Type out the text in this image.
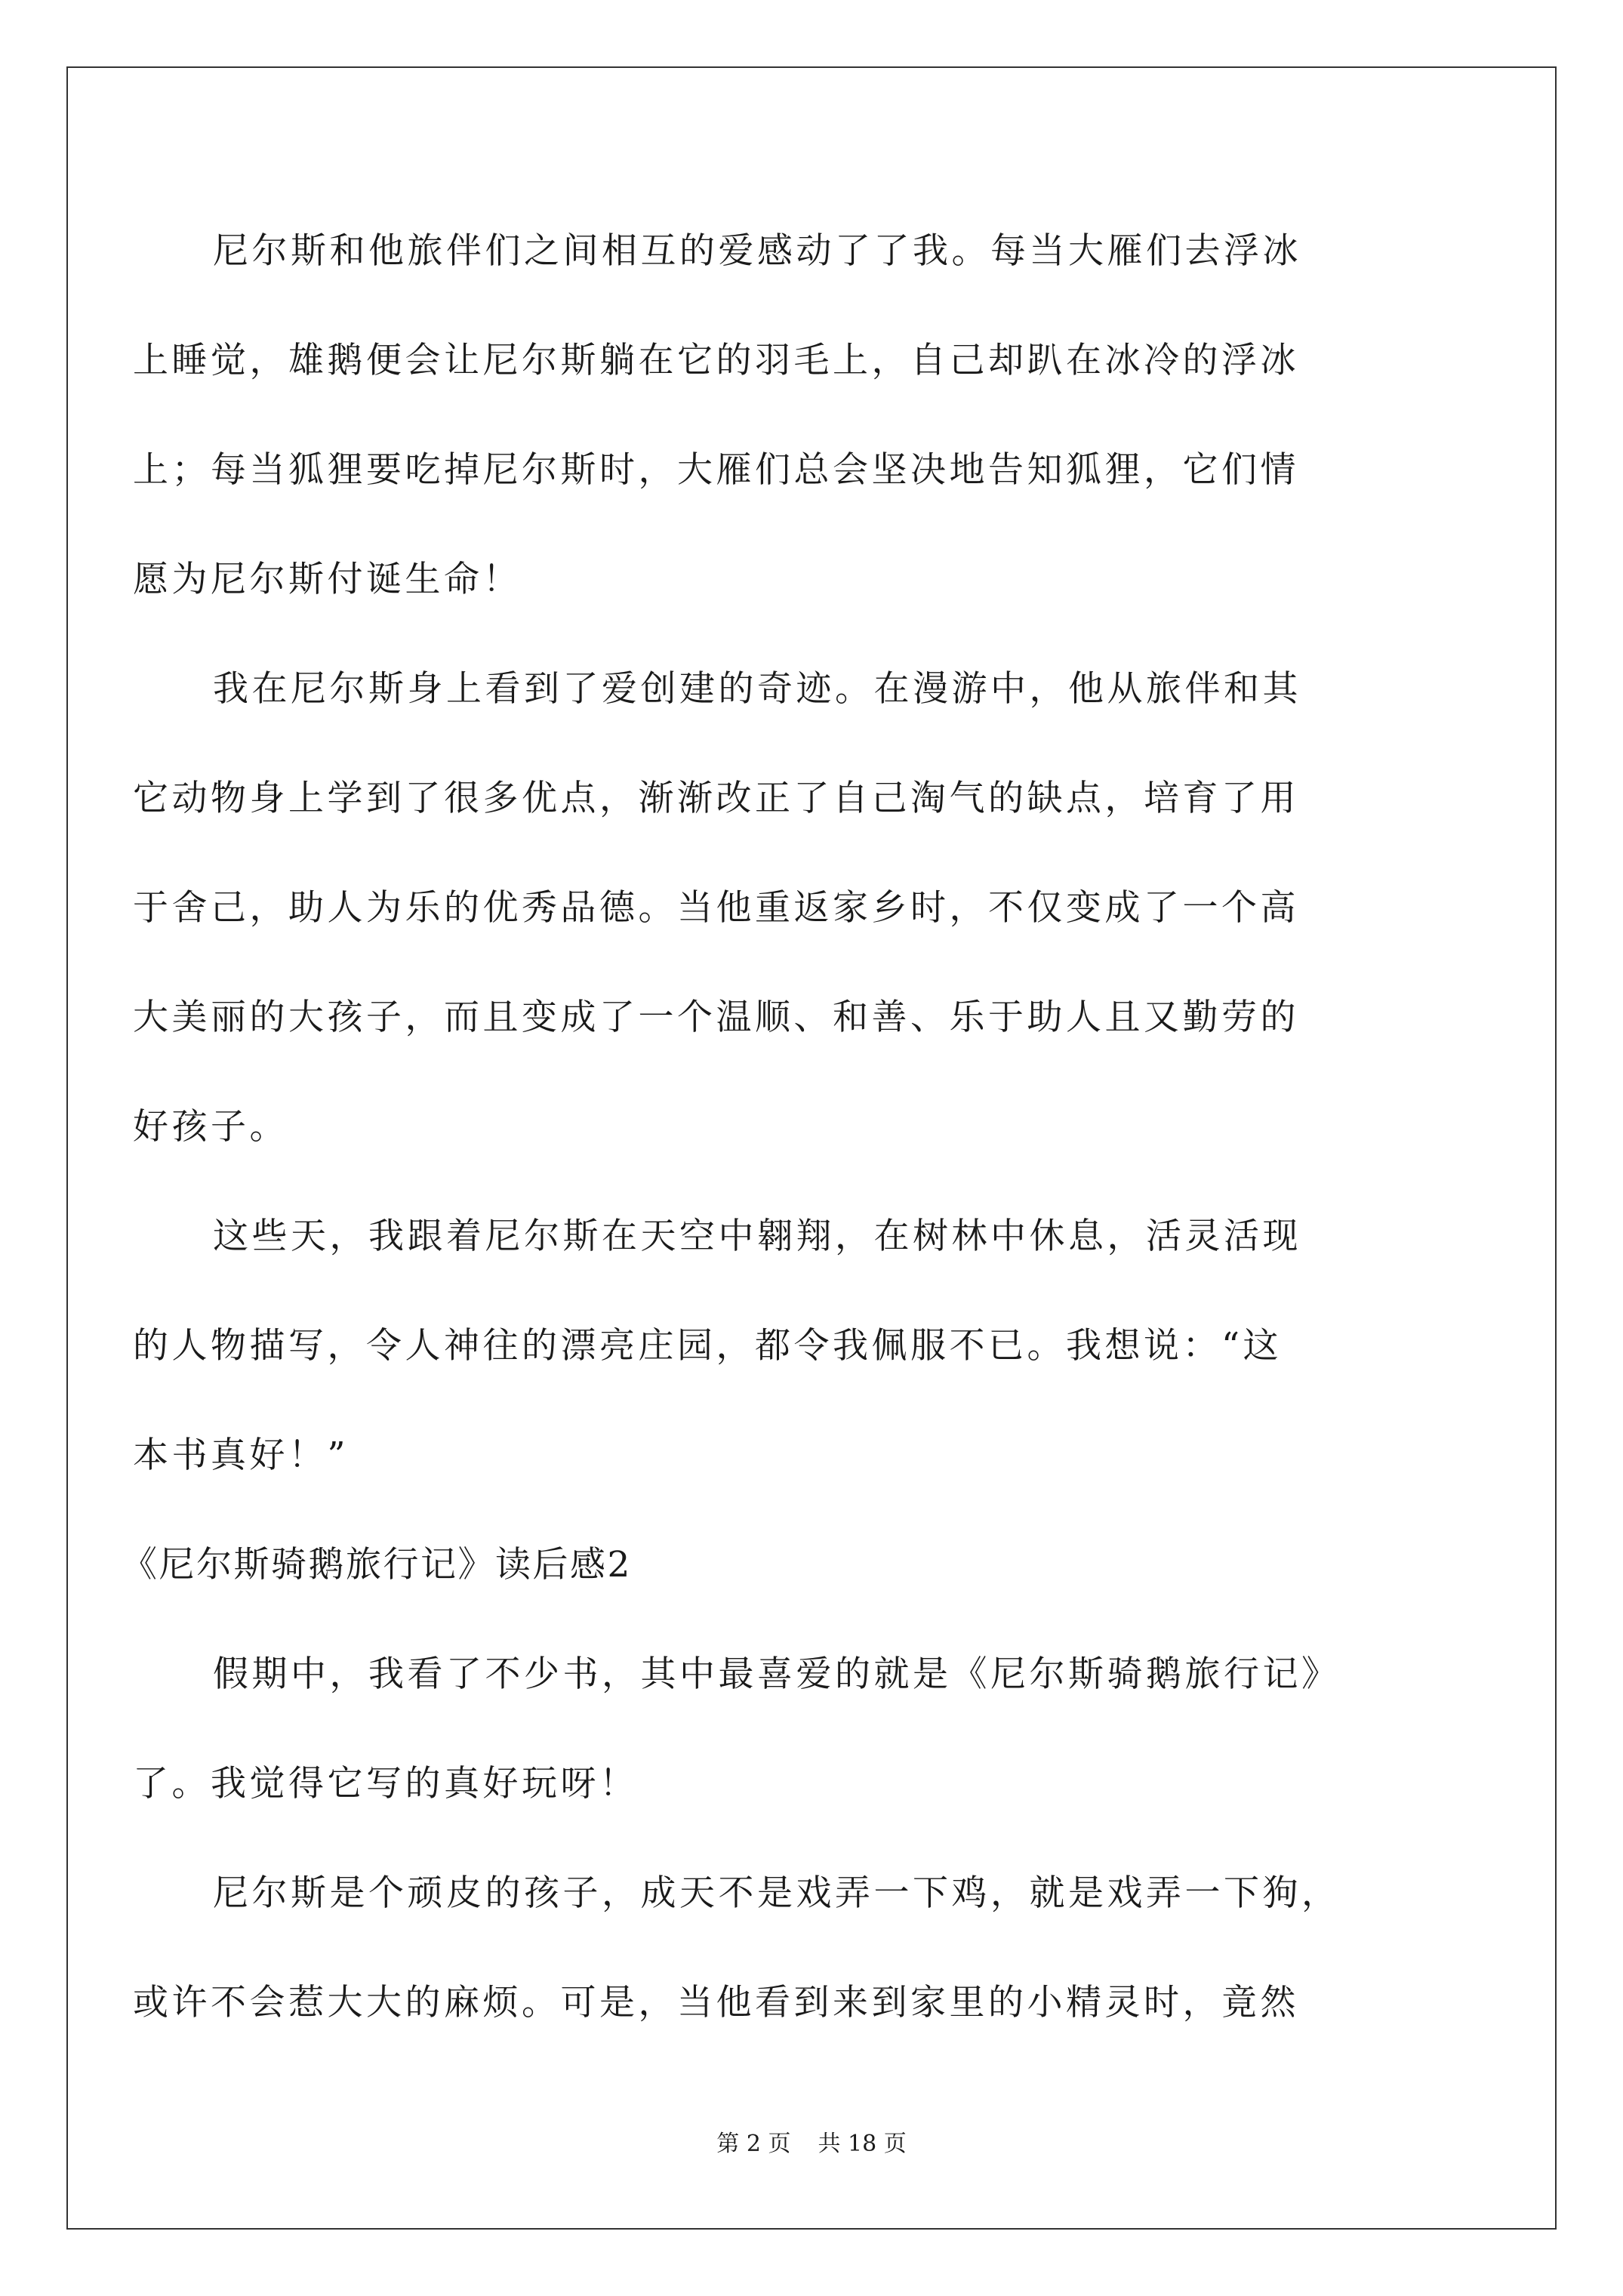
尼尔斯和他旅伴们之间相互的爱感动了了我。每当大雁们去浮冰
上睡觉，雄鹅便会让尼尔斯躺在它的羽毛上，自己却趴在冰冷的浮冰
上；每当狐狸要吃掉尼尔斯时，大雁们总会坚决地告知狐狸，它们情
愿为尼尔斯付诞生命！
我在尼尔斯身上看到了爱创建的奇迹。在漫游中，他从旅伴和其
它动物身上学到了很多优点，渐渐改正了自己淘气的缺点，培育了用
于舍己，助人为乐的优秀品德。当他重返家乡时，不仅变成了一个高
大美丽的大孩子，而且变成了一个温顺、和善、乐于助人且又勤劳的
好孩子。
这些天，我跟着尼尔斯在天空中翱翔，在树林中休息，活灵活现
的人物描写，令人神往的漂亮庄园，都令我佩服不已。我想说：“这
本书真好！”
《尼尔斯骑鹅旅行记》读后感2
假期中，我看了不少书，其中最喜爱的就是《尼尔斯骑鹅旅行记》
了。我觉得它写的真好玩呀！
尼尔斯是个顽皮的孩子，成天不是戏弄一下鸡，就是戏弄一下狗，
或许不会惹大大的麻烦。可是，当他看到来到家里的小精灵时，竟然
第 2 页 共 18 页
